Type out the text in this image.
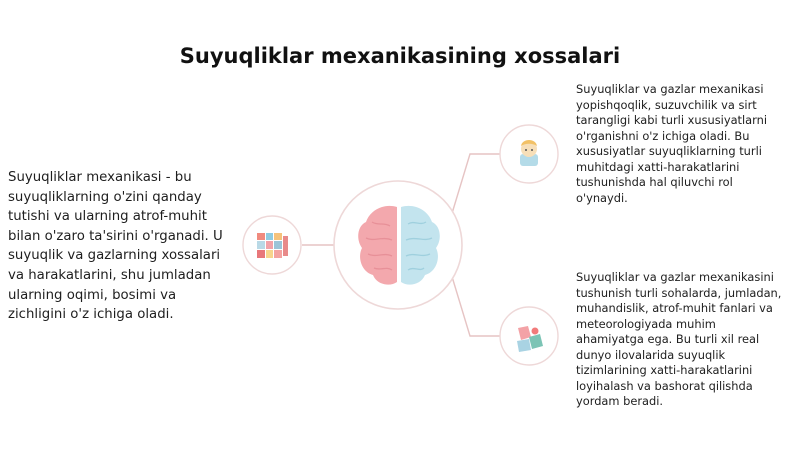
Suyuqliklar mexanikasining xossalari
Suyuqliklar mexanikasi - bu suyuqliklarning o'zini qanday tutishi va ularning atrof-muhit bilan o'zaro ta'sirini o'rganadi. U suyuqlik va gazlarning xossalari va harakatlarini, shu jumladan ularning oqimi, bosimi va zichligini o'z ichiga oladi.
Suyuqliklar va gazlar mexanikasi yopishqoqlik, suzuvchilik va sirt tarangligi kabi turli xususiyatlarni o'rganishni o'z ichiga oladi. Bu xususiyatlar suyuqliklarning turli muhitdagi xatti-harakatlarini tushunishda hal qiluvchi rol o'ynaydi.
Suyuqliklar va gazlar mexanikasini tushunish turli sohalarda, jumladan, muhandislik, atrof-muhit fanlari va meteorologiyada muhim ahamiyatga ega. Bu turli xil real dunyo ilovalarida suyuqlik tizimlarining xatti-harakatlarini loyihalash va bashorat qilishda yordam beradi.
